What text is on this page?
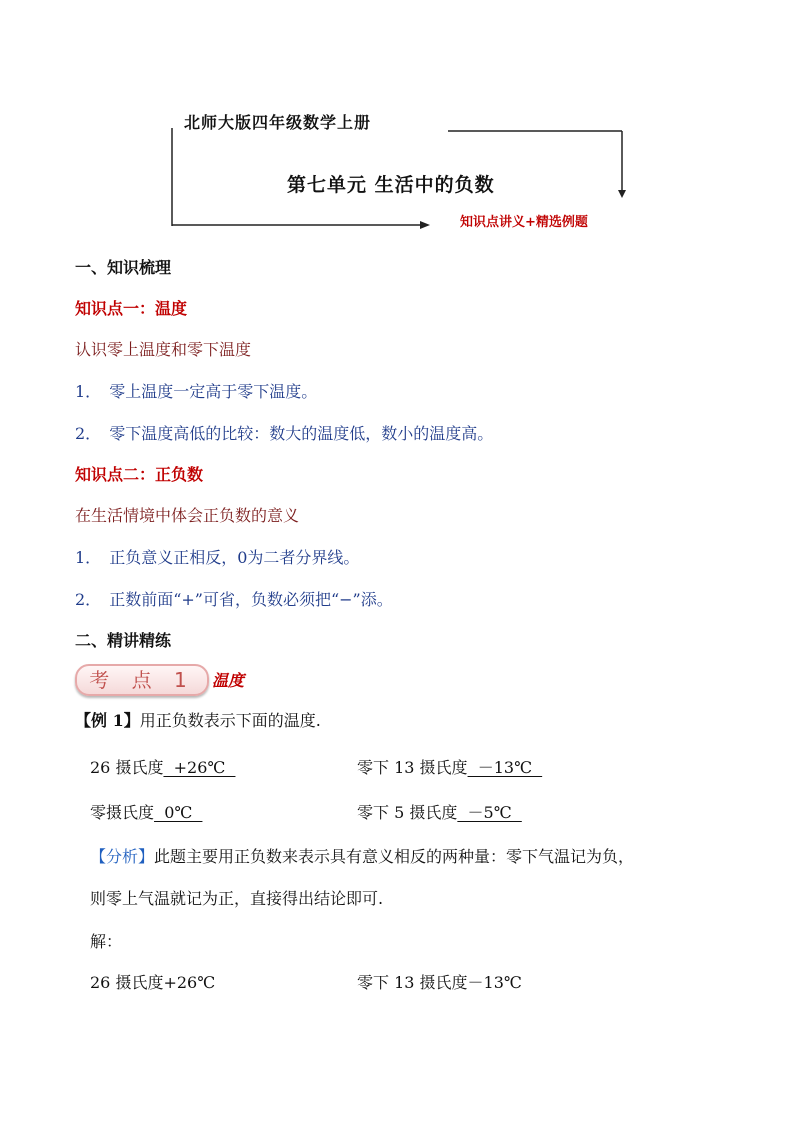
北师大版四年级数学上册
第七单元 生活中的负数
知识点讲义+精选例题
一、知识梳理
知识点一：温度
认识零上温度和零下温度
1． 零上温度一定高于零下温度。
2． 零下温度高低的比较：数大的温度低，数小的温度高。
知识点二：正负数
在生活情境中体会正负数的意义
1． 正负意义正相反，0为二者分界线。
2． 正数前面“+”可省，负数必须把“−”添。
二、精讲精练
考 点 1	温度
【例 1】用正负数表示下面的温度.
26 摄氏度  +26℃	零下 13 摄氏度  －13℃
零摄氏度  0℃	零下 5 摄氏度  －5℃
【分析】此题主要用正负数来表示具有意义相反的两种量：零下气温记为负，
则零上气温就记为正，直接得出结论即可.
解：
26 摄氏度+26℃	零下 13 摄氏度－13℃
